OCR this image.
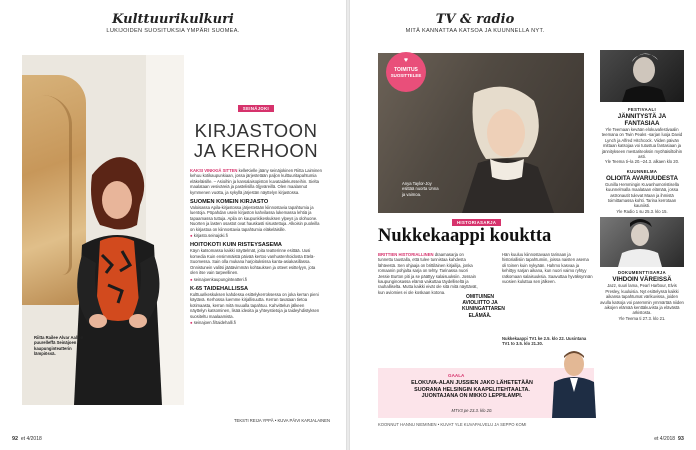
Kulttuurikulkuri
LUKIJOIDEN SUOSITUKSIA YMPÄRI SUOMEA.
Riitta Railee Alvar Aallon puurelleffä Seinäjoen kaupunginteatterin lämpiössä.
SEINÄJOKI
KIRJASTOON
JA KERHOON

KAKSI VINKKIÄ SITTEN kelleKielle jääny seinäjokinen Riitta Laiminen kehuu kotikaupunkiaan, jossa järjestetään paljon kulttuuritapahtumia eläkeläisille. – Asioihin ja kansalaisopiston kuvataidekursseihin. Sielta maalataan vesiväreiä ja pastelisilla öljyväreillä. Olen maalannut kymmenen vuotta, ja sykyllä järjestän näyttelyn kirjastossa.

SUOMEN KOMEIN KIRJASTO

Valoisassa Apila-kirjastossa järjestetään kiinnostavia tapahtumia ja luentoja. Pöpahdan usein kirjaston kahvilassa lukemassa lehtiä ja tapaamassa tuttuja. Apila on kaupunkikeskuksen ylpeys ja olohuone. Nuorten ja lasten osastot ovat hauskasti sisustettuja. Alkoisin puoleilla on kirjastoa on kiinnostavia tapahtumia eläkeläisille.

● kirjasto.seinajoki.fi
HOITOKOTI KUIN RISTEYSASEMA

Käyn katsomassa kaikki näyttelmät, joita teatterinne esittää. Uusi komedia Kuin ensimmäistä päivää kertoo vanhustenhoidosta Etelä-Suomessa. Sain olla mukana harjoituksissa kanta-asiakasillassa. Onnistunein valitsi jäätävimmän kohtauksen ja otteet esittelyyn, jota olen itse vain tarpeellinen.

● seinajoenkaupunginteatteri.fi
K-65 TAIDEHALLISSA

Kulttuurikeskuksen kahdessa esittelykerroksessa on joka kerran pieni käytävä. Kerhossa luemme kirjallisuutta. Kerran tavataan tietoa kotimaasta, kerran mitä muualla tapahtuu. Kahvittelun jälkeen näyttelyn katsominen, lisää ideoita ja yhteystietoja ja taideyhdistyksen suositeltu maalaamista.

● seinajoen.fi/taidehalli.fi
TEKSTI REIJA YPPÄ • KUVA PÄIVI KARJALAINEN
92 et 4/2018
TV & radio
MITÄ KANNATTAA KATSOA JA KUUNNELLA NYT.
Anya Taylor-Joy esittää nuorta Unna ja vaimoa.
♥
TOIMITUS
SUOSITTELEE
HISTORIASARJA
Nukkekaappi kouktta

BRITTIEN HISTORIALLINEN draamasarja on tunnettu taustalla, että tulee tunnistaa kahdesta lähteestä. Sen ohjaaja on brittiläinen kirjailija, jonka romaanin pohjalta sarja on tehty. Tarinassa nuori Jessie Burton piti ja se päättyy salaisuuksiin. Jossain kaupunginosassa elämä vaikuttaa täydelliseltä ja rauhalliselta. Mutta kaikki eivät ole sitä mitä näyttävät, kun aviomies ei ole koskaan kotona.

OMITUINEN AVIOLIITTO JA KUNINGATTAREN ELÄMÄÄ.

Hän kuuluu kiinnostavaan tarinaan ja historiallisiin tapahtumiin, joissa naisten asema oli toinen kuin nykyään. Hahmo kasvaa ja kehittyy sarjan aikana, kun nuori vaimo ryhtyy ratkomaan salaisuuksia. Saavuttaa hyväksynnän vuosien kuluttua sen jälkeen.

Nukkekaappi TV1 ke 2.5. klo 22. Uusintana TV1 to 3.5. klo 21.30.

GAALA
ELOKUVA-ALAN JUSSIEN JAKO LÄHETETÄÄN SUORANA HELSINGIN KAAPELITEHTAALTA. JUONTAJANA ON MIKKO LEPPILAMPI.
MTV3 pe 23.3. klo 20.
KOONNUT HANNU NIEMINEN • KUVAT YLE KUVAPALVELU JA SEPPO KOMI
FESTIVAALI
JÄNNITYSTÄ JA FANTASIAA

Yle Teemaan kevään elokuvafestivaalin teemana on Twin Peaks -sarjan luoja David Lynch ja Alfred Hitchcock. Viiden päivän mittaan katsojaa voi tutustua fantasiaan ja jännitykseen mestariteoksin myöhäisiltoihin asti.

Yle Teema ti–la 20.–24.3. alkaen klo 20.

KUUNNELMA
OLIOITA AVARUUDESTA

Gunilla Hemmingin Kuvanhumoristisella kuunnelmalla maalataan elämää, jossa astronautit tulevat Maan ja ihmistä toimittamassa kohti. Tarina kerrotaan kauniisti.

Yle Radio 1 su 25.3. klo 15.

DOKUMENTTISARJA
VIHDOIN VÄREISSÄ

Jazz, suuri lama, Pearl Harbour, Elvis Presley, kuuluisia. Nyt esittelyssä kaikki aikansa tapahtumat värikuvissa, joiden avulla katsoja voi paremmin ymmärtää niiden aikojen elämää kenttäkuvista ja elävästä arkistosta.

Yle Teema ti 27.3. klo 21.

et 4/2018 93
